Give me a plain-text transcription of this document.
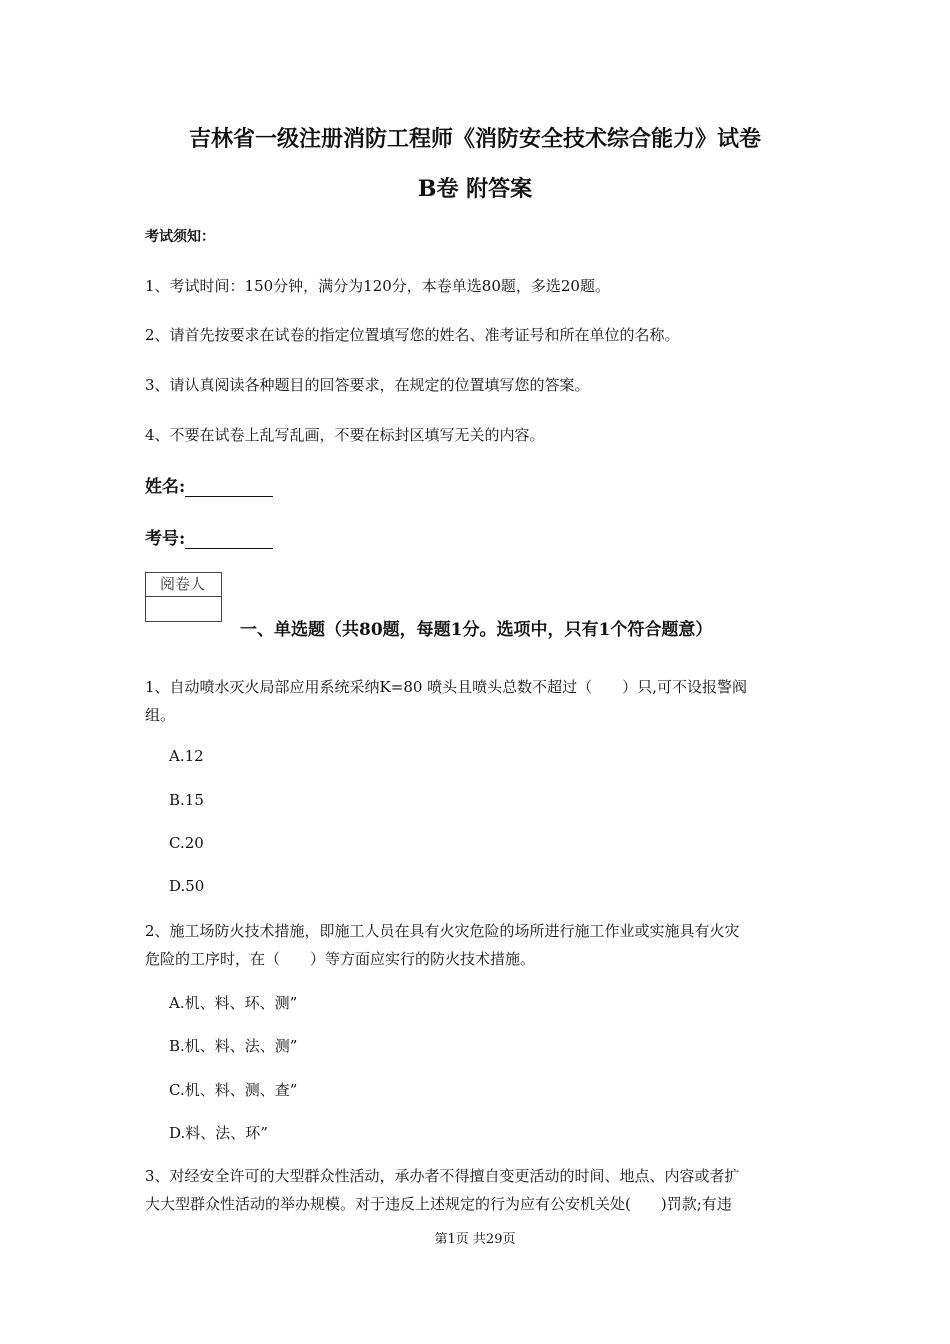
吉林省一级注册消防工程师《消防安全技术综合能力》试卷
B卷 附答案
考试须知：
1、考试时间：150分钟，满分为120分，本卷单选80题，多选20题。
2、请首先按要求在试卷的指定位置填写您的姓名、准考证号和所在单位的名称。
3、请认真阅读各种题目的回答要求，在规定的位置填写您的答案。
4、不要在试卷上乱写乱画，不要在标封区填写无关的内容。
姓名:
考号:
阅卷人
一、单选题（共80题，每题1分。选项中，只有1个符合题意）
1、自动喷水灭火局部应用系统采纳K=80 喷头且喷头总数不超过（　　）只,可不设报警阀
组。
A.12
B.15
C.20
D.50
2、施工场防火技术措施，即施工人员在具有火灾危险的场所进行施工作业或实施具有火灾
危险的工序时，在（　　）等方面应实行的防火技术措施。
A.机、料、环、测”
B.机、料、法、测”
C.机、料、测、查”
D.料、法、环”
3、对经安全许可的大型群众性活动，承办者不得擅自变更活动的时间、地点、内容或者扩
大大型群众性活动的举办规模。对于违反上述规定的行为应有公安机关处(　　)罚款;有违
第1页 共29页
